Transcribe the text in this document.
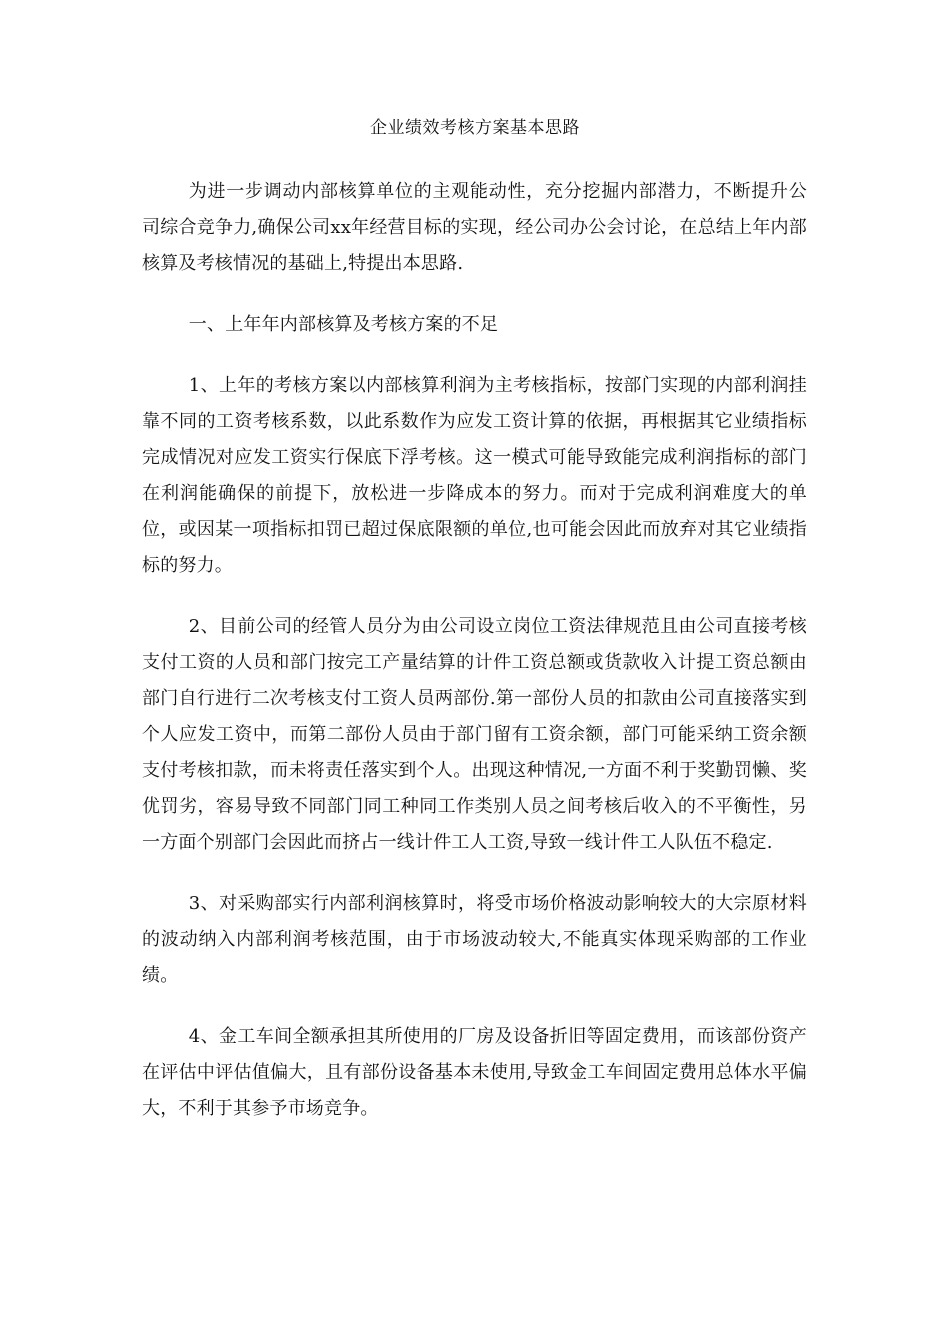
企业绩效考核方案基本思路

为进一步调动内部核算单位的主观能动性，充分挖掘内部潜力，不断提升公司综合竞争力,确保公司xx年经营目标的实现，经公司办公会讨论，在总结上年内部核算及考核情况的基础上,特提出本思路.

一、上年年内部核算及考核方案的不足

1、上年的考核方案以内部核算利润为主考核指标，按部门实现的内部利润挂靠不同的工资考核系数，以此系数作为应发工资计算的依据，再根据其它业绩指标完成情况对应发工资实行保底下浮考核。这一模式可能导致能完成利润指标的部门在利润能确保的前提下，放松进一步降成本的努力。而对于完成利润难度大的单位，或因某一项指标扣罚已超过保底限额的单位,也可能会因此而放弃对其它业绩指标的努力。

2、目前公司的经管人员分为由公司设立岗位工资法律规范且由公司直接考核支付工资的人员和部门按完工产量结算的计件工资总额或货款收入计提工资总额由部门自行进行二次考核支付工资人员两部份.第一部份人员的扣款由公司直接落实到个人应发工资中，而第二部份人员由于部门留有工资余额，部门可能采纳工资余额支付考核扣款，而未将责任落实到个人。出现这种情况,一方面不利于奖勤罚懒、奖优罚劣，容易导致不同部门同工种同工作类别人员之间考核后收入的不平衡性，另一方面个别部门会因此而挤占一线计件工人工资,导致一线计件工人队伍不稳定.

3、对采购部实行内部利润核算时，将受市场价格波动影响较大的大宗原材料的波动纳入内部利润考核范围，由于市场波动较大,不能真实体现采购部的工作业绩。

4、金工车间全额承担其所使用的厂房及设备折旧等固定费用，而该部份资产在评估中评估值偏大，且有部份设备基本未使用,导致金工车间固定费用总体水平偏大，不利于其参予市场竞争。
